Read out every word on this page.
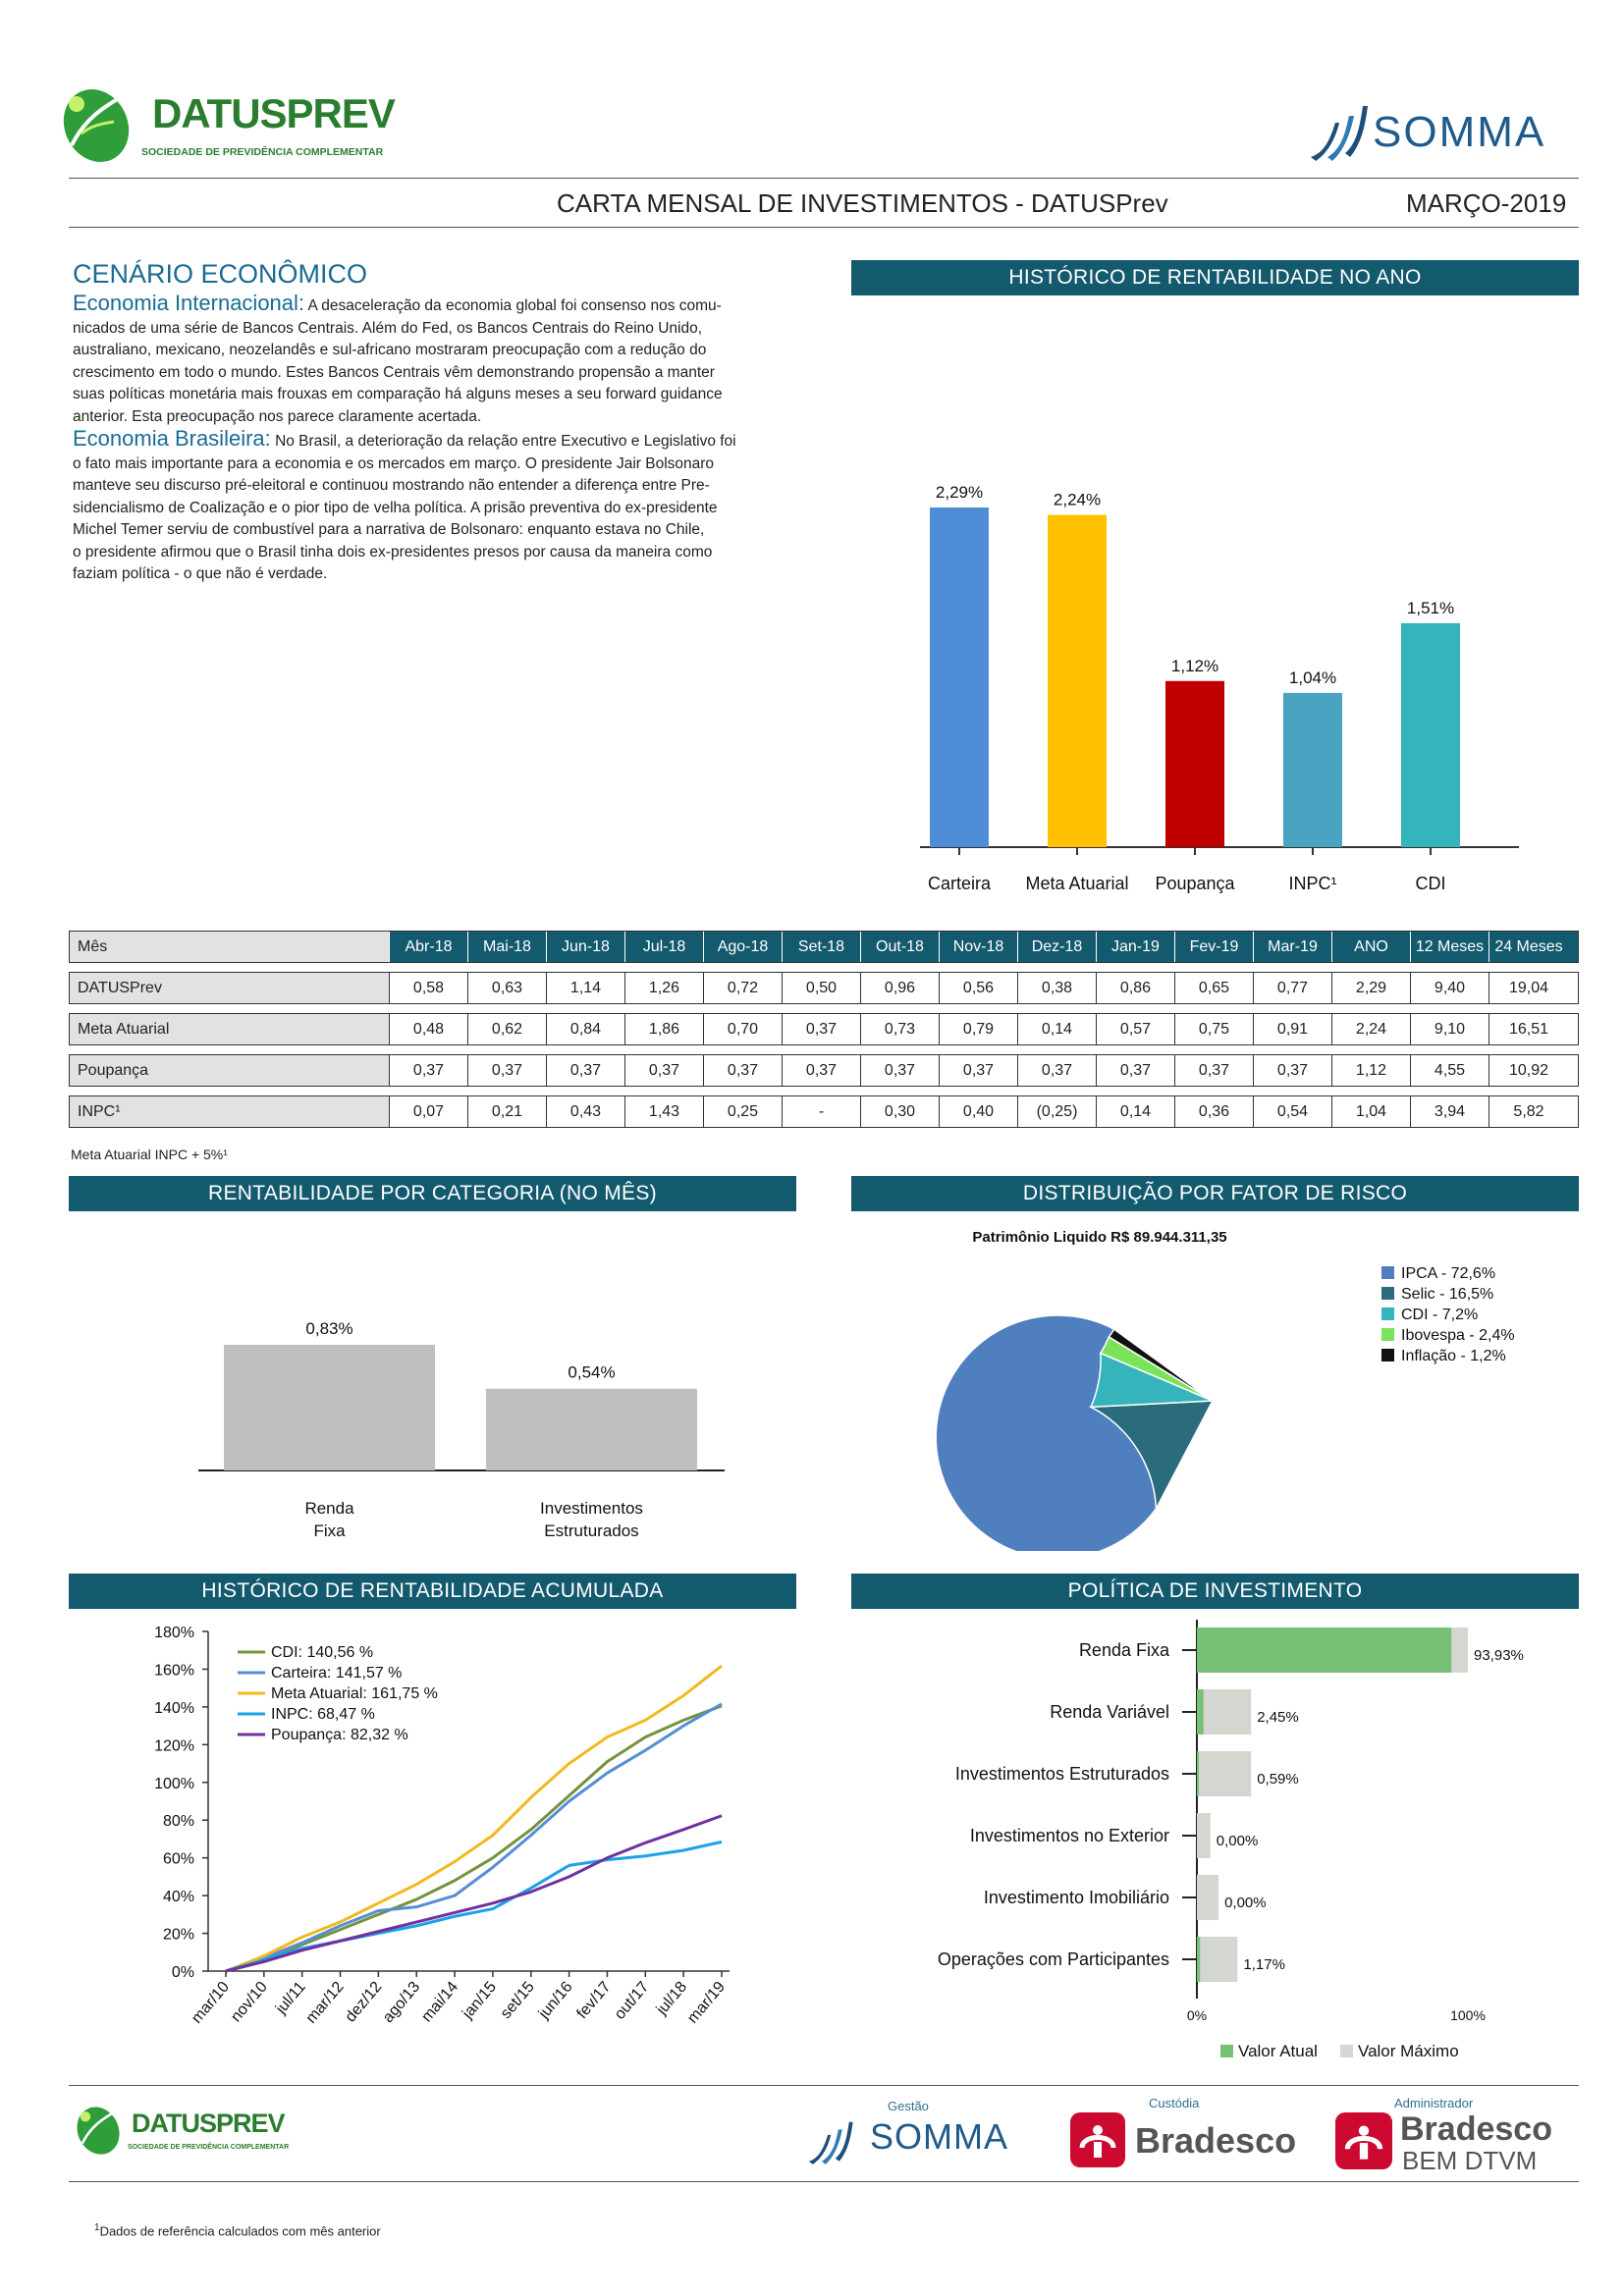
DATUSPREV
SOCIEDADE DE PREVIDÊNCIA COMPLEMENTAR	SOMMA
CARTA MENSAL DE INVESTIMENTOS - DATUSPrev	MARÇO-2019
CENÁRIO ECONÔMICO
Economia Internacional: A desaceleração da economia global foi consenso nos comu-
nicados de uma série de Bancos Centrais. Além do Fed, os Bancos Centrais do Reino Unido,
australiano, mexicano, neozelandês e sul-africano mostraram preocupação com a redução do
crescimento em todo o mundo. Estes Bancos Centrais vêm demonstrando propensão a manter
suas políticas monetária mais frouxas em comparação há alguns meses a seu forward guidance
anterior. Esta preocupação nos parece claramente acertada.
Economia Brasileira: No Brasil, a deterioração da relação entre Executivo e Legislativo foi
o fato mais importante para a economia e os mercados em março. O presidente Jair Bolsonaro
manteve seu discurso pré-eleitoral e continuou mostrando não entender a diferença entre Pre-
sidencialismo de Coalização e o pior tipo de velha política. A prisão preventiva do ex-presidente
Michel Temer serviu de combustível para a narrativa de Bolsonaro: enquanto estava no Chile,
o presidente afirmou que o Brasil tinha dois ex-presidentes presos por causa da maneira como
faziam política - o que não é verdade.
HISTÓRICO DE RENTABILIDADE NO ANO
2,29%
Carteira
2,24%
Meta Atuarial
1,12%
Poupança
1,04%
INPC¹
1,51%
CDI
Mês	Abr-18	Mai-18	Jun-18	Jul-18	Ago-18	Set-18	Out-18	Nov-18	Dez-18	Jan-19	Fev-19	Mar-19	ANO	12 Meses 24 Meses
DATUSPrev	0,58	0,63	1,14	1,26	0,72	0,50	0,96	0,56	0,38	0,86	0,65	0,77	2,29	9,40	19,04
Meta Atuarial	0,48	0,62	0,84	1,86	0,70	0,37	0,73	0,79	0,14	0,57	0,75	0,91	2,24	9,10	16,51
Poupança	0,37	0,37	0,37	0,37	0,37	0,37	0,37	0,37	0,37	0,37	0,37	0,37	1,12	4,55	10,92
INPC¹	0,07	0,21	0,43	1,43	0,25	-	0,30	0,40	(0,25)	0,14	0,36	0,54	1,04	3,94	5,82
Meta Atuarial INPC + 5%¹
RENTABILIDADE POR CATEGORIA (NO MÊS)
0,83%
Renda
Fixa
0,54%
Investimentos
Estruturados
DISTRIBUIÇÃO POR FATOR DE RISCO
Patrimônio Liquido R$ 89.944.311,35
IPCA - 72,6%
Selic - 16,5%
CDI - 7,2%
Ibovespa - 2,4%
Inflação - 1,2%
HISTÓRICO DE RENTABILIDADE ACUMULADA
0%
20%
40%
60%
80%
100%
120%
140%
160%
180%
mar/10
nov/10 jul/11
mar/12
dez/12
ago/13
mai/14
jan/15
set/15
jun/16
fev/17
out/17 jul/18
mar/19
CDI: 140,56 %
Carteira: 141,57 %
Meta Atuarial: 161,75 %
INPC: 68,47 %
Poupança: 82,32 %
POLÍTICA DE INVESTIMENTO
Renda Fixa	93,93%
Renda Variável	2,45%
Investimentos Estruturados	0,59%
Investimentos no Exterior	0,00%
Investimento Imobiliário	0,00%
Operações com Participantes	1,17%
0%	100%
Valor Atual Valor Máximo
DATUSPREV
SOCIEDADE DE PREVIDÊNCIA COMPLEMENTAR
Gestão
SOMMA
Custódia
Bradesco
Administrador
Bradesco
BEM DTVM
$^1$Dados de referência calculados com mês anterior
